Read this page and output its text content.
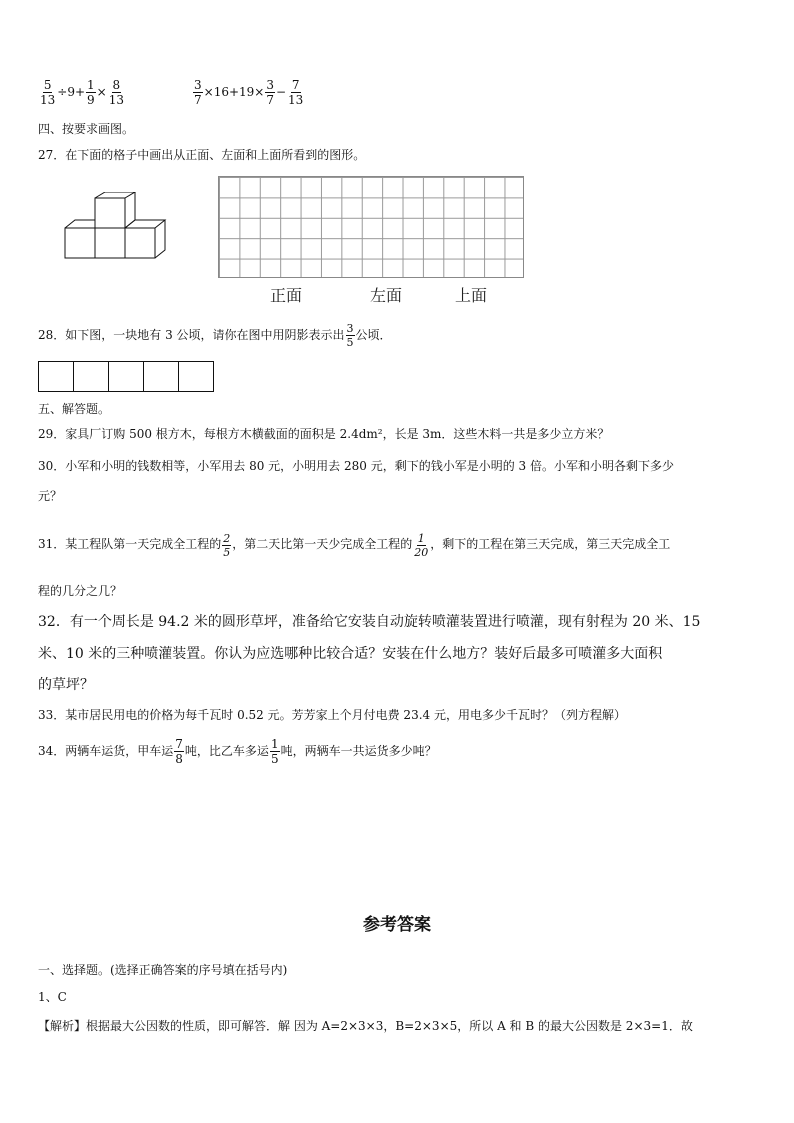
$\frac{5}{13} \div 9+ \frac{1}{9} \times \frac{8}{13}$	$\frac{3}{7} \times 16+19\times \frac{3}{7} - \frac{7}{13}$
四、按要求画图。
27．在下面的格子中画出从正面、左面和上面所看到的图形。
正面	左面	上面
28．如下图，一块地有 3 公顷，请你在图中用阴影表示出 $\frac{3}{5}$ 公顷．
五、解答题。
29．家具厂订购 500 根方木，每根方木横截面的面积是 2.4dm²，长是 3m．这些木料一共是多少立方米？
30．小军和小明的钱数相等，小军用去 80 元，小明用去 280 元，剩下的钱小军是小明的 3 倍。小军和小明各剩下多少
元？
31．某工程队第一天完成全工程的 $\frac{2}{5}$ ，第二天比第一天少完成全工程的 $\frac{1}{20}$ ，剩下的工程在第三天完成，第三天完成全工
程的几分之几？
32．有一个周长是 94.2 米的圆形草坪，准备给它安装自动旋转喷灌装置进行喷灌，现有射程为 20 米、15
米、10 米的三种喷灌装置。你认为应选哪种比较合适？安装在什么地方？装好后最多可喷灌多大面积
的草坪？
33．某市居民用电的价格为每千瓦时 0.52 元。芳芳家上个月付电费 23.4 元，用电多少千瓦时？（列方程解）
34．两辆车运货，甲车运 $\frac{7}{8}$ 吨，比乙车多运 $\frac{1}{5}$ 吨，两辆车一共运货多少吨？
参考答案
一、选择题。(选择正确答案的序号填在括号内)
1、C
【解析】根据最大公因数的性质，即可解答．解 因为 A=2×3×3，B=2×3×5，所以 A 和 B 的最大公因数是 2×3=1．故
